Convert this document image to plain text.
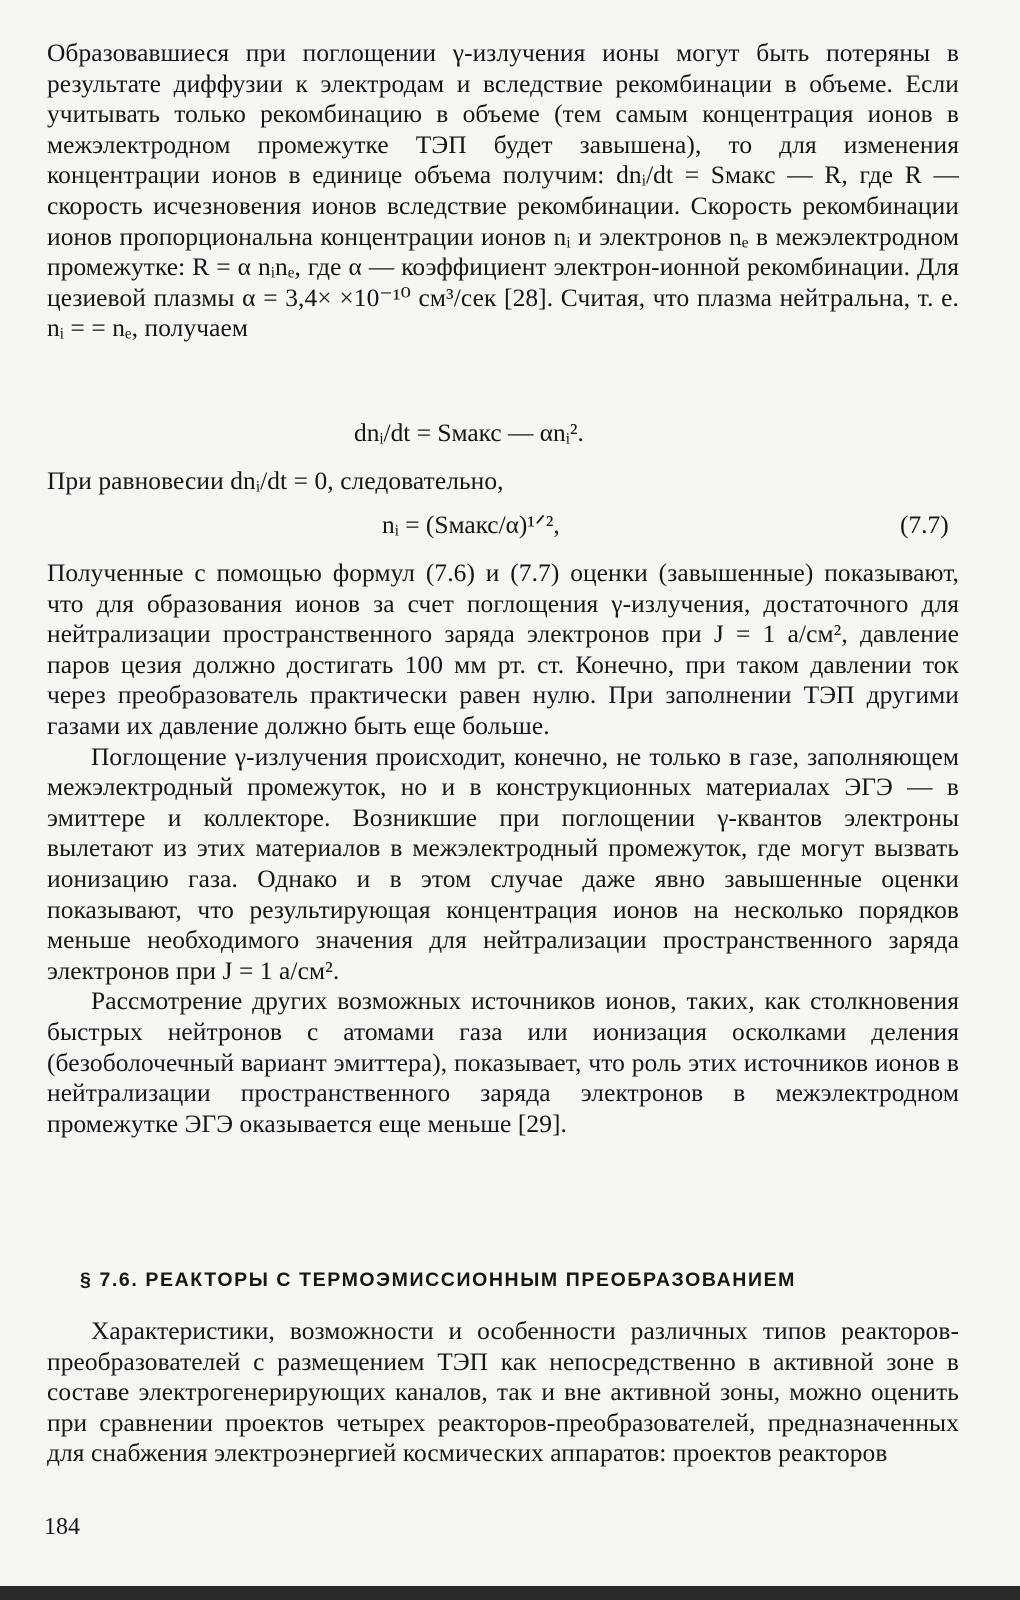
Образовавшиеся при поглощении γ-излучения ионы могут быть потеряны в результате диффузии к электродам и вследствие рекомбинации в объеме. Если учитывать только рекомбинацию в объеме (тем самым концентрация ионов в межэлектродном промежутке ТЭП будет завышена), то для изменения концентрации ионов в единице объема получим: dnᵢ/dt = Sмакс — R, где R — скорость исчезновения ионов вследствие рекомбинации. Скорость рекомбинации ионов пропорциональна концентрации ионов nᵢ и электронов nₑ в межэлектродном промежутке: R = α nᵢnₑ, где α — коэффициент электрон-ионной рекомбинации. Для цезиевой плазмы α = 3,4× ×10⁻¹⁰ см³/сек [28]. Считая, что плазма нейтральна, т. е. nᵢ = = nₑ, получаем

dnᵢ/dt = Sмакс — αnᵢ².

При равновесии dnᵢ/dt = 0, следовательно,

nᵢ = (Sмакс/α)¹ᐟ²,	(7.7)

Полученные с помощью формул (7.6) и (7.7) оценки (завышенные) показывают, что для образования ионов за счет поглощения γ-излучения, достаточного для нейтрализации пространственного заряда электронов при J = 1 а/см², давление паров цезия должно достигать 100 мм рт. ст. Конечно, при таком давлении ток через преобразователь практически равен нулю. При заполнении ТЭП другими газами их давление должно быть еще больше.

Поглощение γ-излучения происходит, конечно, не только в газе, заполняющем межэлектродный промежуток, но и в конструкционных материалах ЭГЭ — в эмиттере и коллекторе. Возникшие при поглощении γ-квантов электроны вылетают из этих материалов в межэлектродный промежуток, где могут вызвать ионизацию газа. Однако и в этом случае даже явно завышенные оценки показывают, что результирующая концентрация ионов на несколько порядков меньше необходимого значения для нейтрализации пространственного заряда электронов при J = 1 а/см².

Рассмотрение других возможных источников ионов, таких, как столкновения быстрых нейтронов с атомами газа или ионизация осколками деления (безоболочечный вариант эмиттера), показывает, что роль этих источников ионов в нейтрализации пространственного заряда электронов в межэлектродном промежутке ЭГЭ оказывается еще меньше [29].

§ 7.6. РЕАКТОРЫ С ТЕРМОЭМИССИОННЫМ ПРЕОБРАЗОВАНИЕМ

Характеристики, возможности и особенности различных типов реакторов-преобразователей с размещением ТЭП как непосредственно в активной зоне в составе электрогенерирующих каналов, так и вне активной зоны, можно оценить при сравнении проектов четырех реакторов-преобразователей, предназначенных для снабжения электроэнергией космических аппаратов: проектов реакторов

184
